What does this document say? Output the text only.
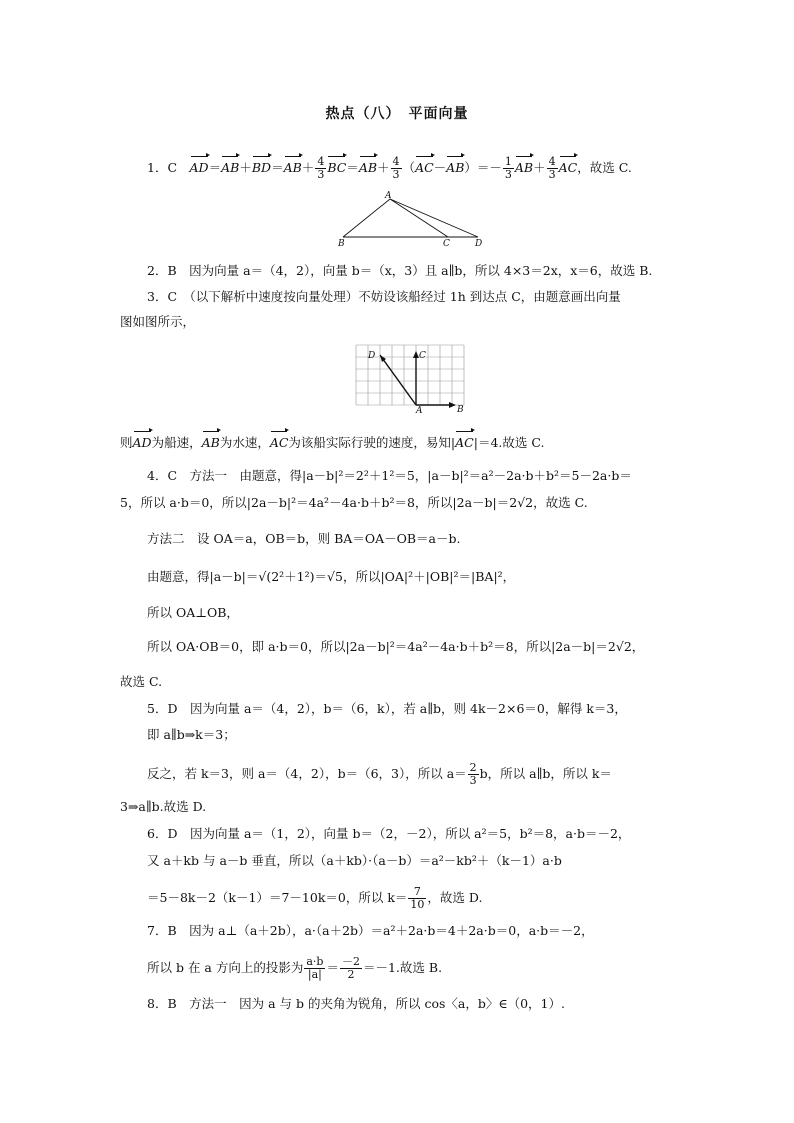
热点（八）　平面向量
1．C　$AD=AB+BD=AB+ \frac{4}{3} BC=AB+ \frac{4}{3} (AC-AB)=- \frac{1}{3} AB+ \frac{4}{3}$ AC，故选 C.
A
B	C	D
2．B　因为向量 a＝（4，2），向量 b＝（x，3）且 a∥b，所以 4×3＝2x，x＝6，故选 B.
3．C　（以下解析中速度按向量处理）不妨设该船经过 1h 到达点 C，由题意画出向量
图如图所示，
D	C
A	B
则AD为船速，AB为水速，AC为该船实际行驶的速度，易知|AC|＝4.故选 C.
4．C　方法一　由题意，得|a－b|²＝2²＋1²＝5，|a－b|²＝a²－2a·b＋b²＝5－2a·b＝
5，所以 a·b＝0，所以|2a－b|²＝4a²－4a·b＋b²＝8，所以|2a－b|＝2√2，故选 C.
方法二　设 OA＝a，OB＝b，则 BA＝OA－OB＝a－b.
由题意，得|a－b|＝√(2²＋1²)＝√5，所以|OA|²＋|OB|²＝|BA|²，
所以 OA⊥OB，
所以 OA·OB＝0，即 a·b＝0，所以|2a－b|²＝4a²－4a·b＋b²＝8，所以|2a－b|＝2√2，
故选 C.
5．D　因为向量 a＝（4，2），b＝（6，k），若 a∥b，则 4k－2×6＝0，解得 k＝3，
即 a∥b⇒k＝3；
反之，若 k＝3，则 a＝（4，2），b＝（6，3），所以 $a= \frac{2}{3}$ b，所以 a∥b，所以 k＝
3⇒a∥b.故选 D.
6．D　因为向量 a＝（1，2），向量 b＝（2，－2），所以 a²＝5，b²＝8，a·b＝－2，
又 a＋kb 与 a－b 垂直，所以（a＋kb）·（a－b）＝a²－kb²＋（k－1）a·b
＝5－8k－2（k－1）＝7－10k＝0，所以 $k= \frac{7}{10}$ ，故选 D.
7．B　因为 a⊥（a＋2b），a·（a＋2b）＝a²＋2a·b＝4＋2a·b＝0，a·b＝－2，
所以 b 在 a 方向上的投影为 $\frac{a\cdot b}{|a|} = \frac{-2}{2} =-1$.故选 B.
8．B　方法一　因为 a 与 b 的夹角为锐角，所以 cos〈a，b〉∈（0，1）.
